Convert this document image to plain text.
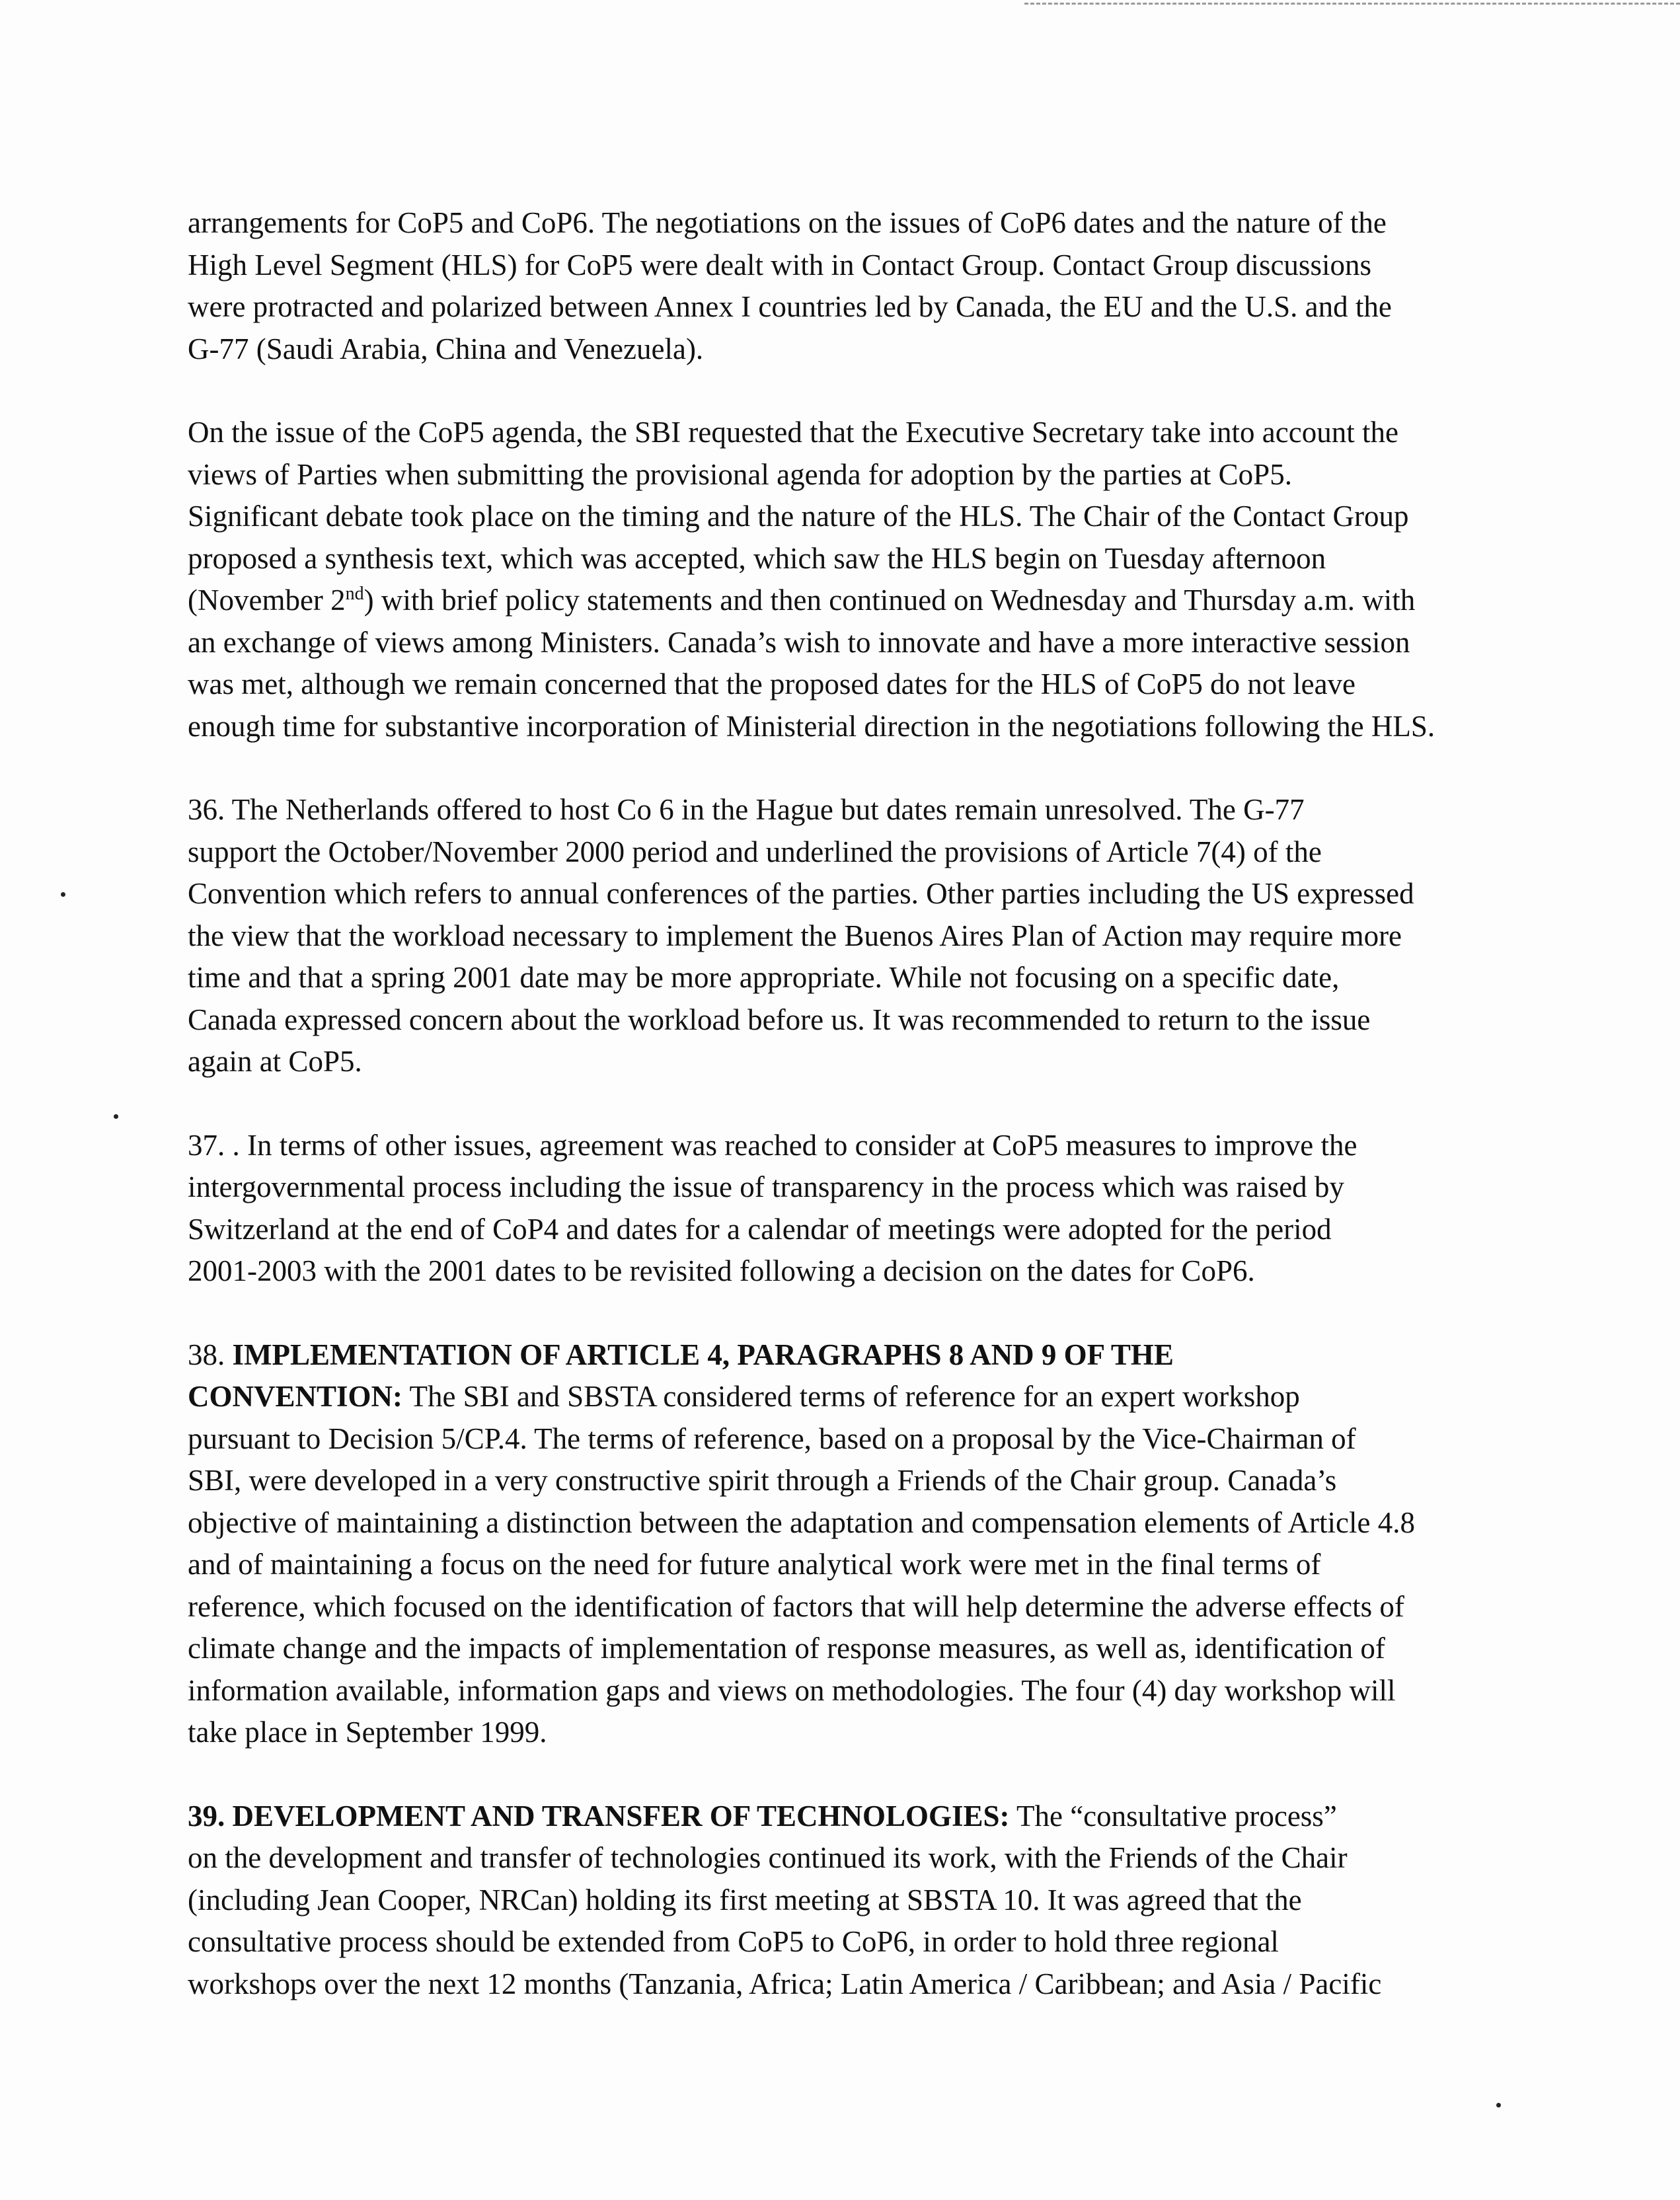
arrangements for CoP5 and CoP6. The negotiations on the issues of CoP6 dates and the nature of the
High Level Segment (HLS) for CoP5 were dealt with in Contact Group. Contact Group discussions
were protracted and polarized between Annex I countries led by Canada, the EU and the U.S. and the
G-77 (Saudi Arabia, China and Venezuela).

On the issue of the CoP5 agenda, the SBI requested that the Executive Secretary take into account the
views of Parties when submitting the provisional agenda for adoption by the parties at CoP5.
Significant debate took place on the timing and the nature of the HLS. The Chair of the Contact Group
proposed a synthesis text, which was accepted, which saw the HLS begin on Tuesday afternoon
(November 2nd) with brief policy statements and then continued on Wednesday and Thursday a.m. with
an exchange of views among Ministers. Canada’s wish to innovate and have a more interactive session
was met, although we remain concerned that the proposed dates for the HLS of CoP5 do not leave
enough time for substantive incorporation of Ministerial direction in the negotiations following the HLS.

36. The Netherlands offered to host Co 6 in the Hague but dates remain unresolved. The G-77
support the October/November 2000 period and underlined the provisions of Article 7(4) of the
Convention which refers to annual conferences of the parties. Other parties including the US expressed
the view that the workload necessary to implement the Buenos Aires Plan of Action may require more
time and that a spring 2001 date may be more appropriate. While not focusing on a specific date,
Canada expressed concern about the workload before us. It was recommended to return to the issue
again at CoP5.

37. . In terms of other issues, agreement was reached to consider at CoP5 measures to improve the
intergovernmental process including the issue of transparency in the process which was raised by
Switzerland at the end of CoP4 and dates for a calendar of meetings were adopted for the period
2001-2003 with the 2001 dates to be revisited following a decision on the dates for CoP6.

38. IMPLEMENTATION OF ARTICLE 4, PARAGRAPHS 8 AND 9 OF THE
CONVENTION: The SBI and SBSTA considered terms of reference for an expert workshop
pursuant to Decision 5/CP.4. The terms of reference, based on a proposal by the Vice-Chairman of
SBI, were developed in a very constructive spirit through a Friends of the Chair group. Canada’s
objective of maintaining a distinction between the adaptation and compensation elements of Article 4.8
and of maintaining a focus on the need for future analytical work were met in the final terms of
reference, which focused on the identification of factors that will help determine the adverse effects of
climate change and the impacts of implementation of response measures, as well as, identification of
information available, information gaps and views on methodologies. The four (4) day workshop will
take place in September 1999.

39. DEVELOPMENT AND TRANSFER OF TECHNOLOGIES: The “consultative process”
on the development and transfer of technologies continued its work, with the Friends of the Chair
(including Jean Cooper, NRCan) holding its first meeting at SBSTA 10. It was agreed that the
consultative process should be extended from CoP5 to CoP6, in order to hold three regional
workshops over the next 12 months (Tanzania, Africa; Latin America / Caribbean; and Asia / Pacific
